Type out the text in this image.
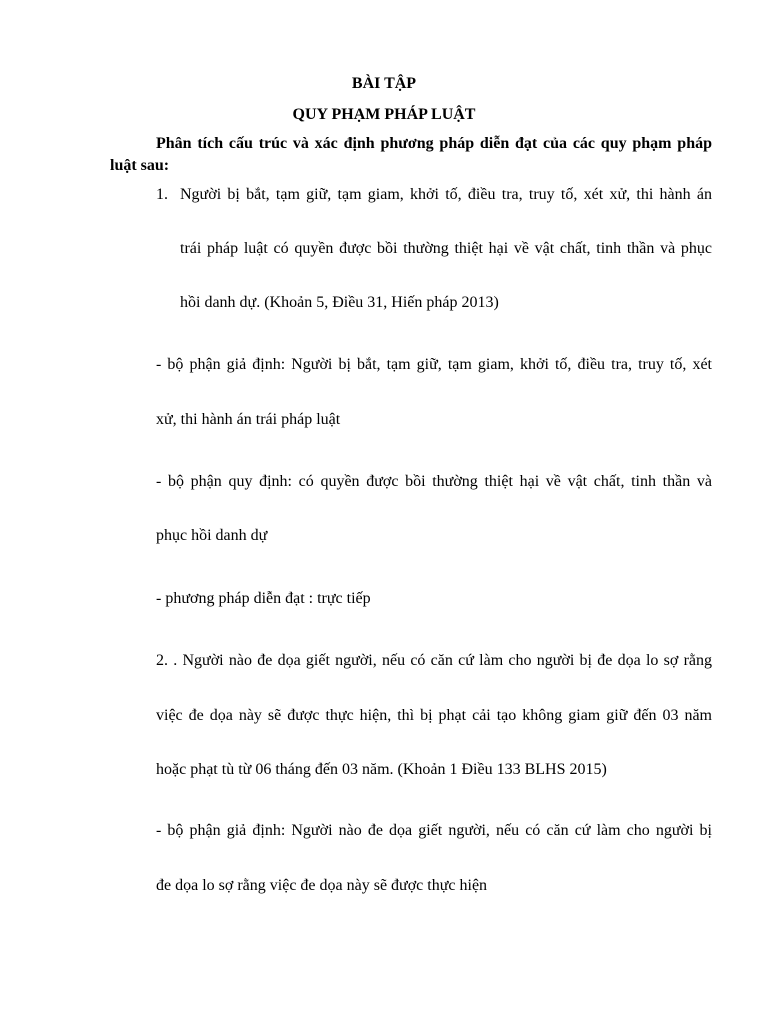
BÀI TẬP
QUY PHẠM PHÁP LUẬT
Phân tích cấu trúc và xác định phương pháp diễn đạt của các quy phạm pháp
luật sau:
1. Người bị bắt, tạm giữ, tạm giam, khởi tố, điều tra, truy tố, xét xử, thi hành án
trái pháp luật có quyền được bồi thường thiệt hại về vật chất, tinh thần và phục
hồi danh dự. (Khoản 5, Điều 31, Hiến pháp 2013)
- bộ phận giả định: Người bị bắt, tạm giữ, tạm giam, khởi tố, điều tra, truy tố, xét
xử, thi hành án trái pháp luật
- bộ phận quy định: có quyền được bồi thường thiệt hại về vật chất, tinh thần và
phục hồi danh dự
- phương pháp diễn đạt : trực tiếp
2. . Người nào đe dọa giết người, nếu có căn cứ làm cho người bị đe dọa lo sợ rằng
việc đe dọa này sẽ được thực hiện, thì bị phạt cải tạo không giam giữ đến 03 năm
hoặc phạt tù từ 06 tháng đến 03 năm. (Khoản 1 Điều 133 BLHS 2015)
- bộ phận giả định: Người nào đe dọa giết người, nếu có căn cứ làm cho người bị
đe dọa lo sợ rằng việc đe dọa này sẽ được thực hiện
